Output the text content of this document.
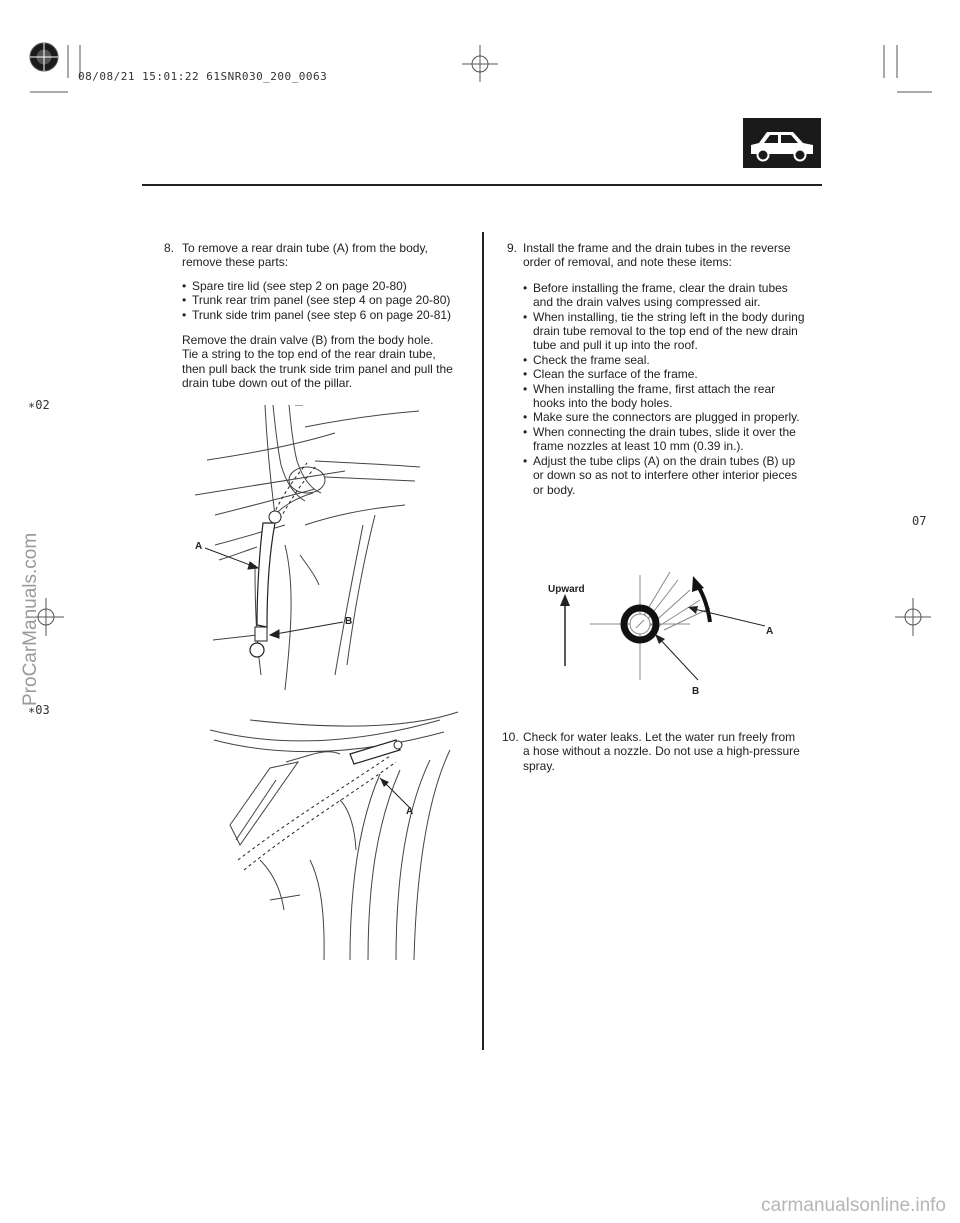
08/08/21 15:01:22 61SNR030_200_0063
∗02
∗03
07
ProCarManuals.com
carmanualsonline.info
8. To remove a rear drain tube (A) from the body, remove these parts:

• Spare tire lid (see step 2 on page 20-80)

• Trunk rear trim panel (see step 4 on page 20-80)

• Trunk side trim panel (see step 6 on page 20-81)

Remove the drain valve (B) from the body hole.

Tie a string to the top end of the rear drain tube,

then pull back the trunk side trim panel and pull the

drain tube down out of the pillar.

A
B
A
9. Install the frame and the drain tubes in the reverse order of removal, and note these items:

• Before installing the frame, clear the drain tubes and the drain valves using compressed air.

• When installing, tie the string left in the body during drain tube removal to the top end of the new drain tube and pull it up into the roof.

• Check the frame seal.

• Clean the surface of the frame.

• When installing the frame, first attach the rear hooks into the body holes.

• Make sure the connectors are plugged in properly.

• When connecting the drain tubes, slide it over the frame nozzles at least 10 mm (0.39 in.).

• Adjust the tube clips (A) on the drain tubes (B) up or down so as not to interfere other interior pieces or body.

Upward
A
B
10. Check for water leaks. Let the water run freely from a hose without a nozzle. Do not use a high-pressure spray.
